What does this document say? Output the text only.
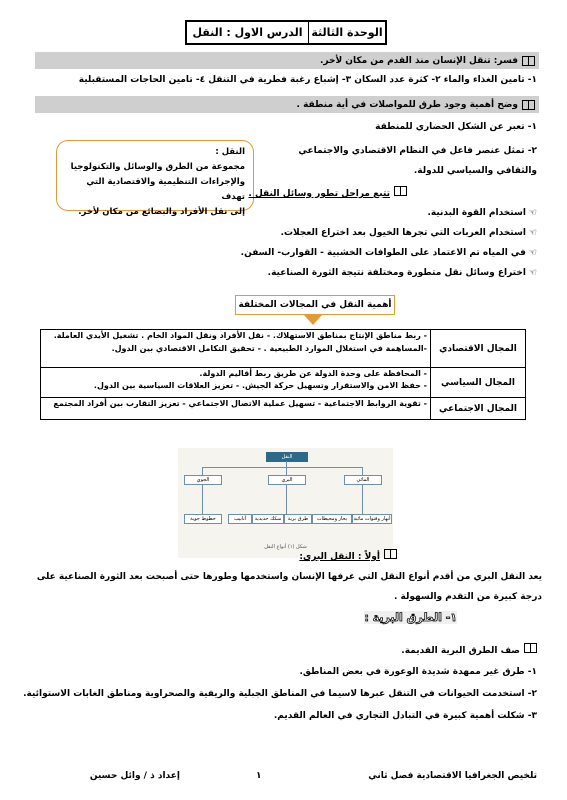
الوحدة الثالثة
الدرس الاول : النقل
فسر: تنقل الإنسان منذ القدم من مكان لأخر.
١- تامين الغذاء والماء ٢- كثرة عدد السكان ٣- إشباع رغبة فطرية في التنقل ٤- تامين الحاجات المستقبلية
وضح أهمية وجود طرق للمواصلات في أية منطقة .
١- تعبر عن الشكل الحضاري للمنطقة
٢- تمثل عنصر فاعل في النظام الاقتصادي والاجتماعي
والثقافي والسياسي للدولة.
النقل :
مجموعة من الطرق والوسائل والتكنولوجيا
والإجراءات التنظيمية والاقتصادية التي تهدف
إلى نقل الأفراد والبضائع من مكان لأخر.
تتبع مراحل تطور وسائل النقل .
☜استخدام القوة البدنية.
☜استخدام العربات التي تجرها الخيول بعد اختراع العجلات.
☜في المياه تم الاعتماد على الطوافات الخشبية - القوارب- السفن.
☜اختراع وسائل نقل متطورة ومختلفة نتيجة الثورة الصناعية.
أهمية النقل في المجالات المختلفة
المجال الاقتصادي	- ربط مناطق الإنتاج بمناطق الاستهلاك. - نقل الأفراد ونقل المواد الخام . تشغيل الأيدي العاملة.
-المساهمة في استغلال الموارد الطبيعية . - تحقيق التكامل الاقتصادي بين الدول.

المجال السياسي	- المحافظة على وحدة الدولة عن طريق ربط أقاليم الدولة.
- حفظ الامن والاستقرار وتسهيل حركة الجيش. - تعزيز العلاقات السياسية بين الدول.

المجال الاجتماعي	- تقوية الروابط الاجتماعية - تسهيل عملية الاتصال الاجتماعي - تعزيز التقارب بين أفراد المجتمع
النقل
المائي
البري
الجوي
أنهار وقنوات مائية
بحار ومحيطات
طرق برية
سكك حديدية
أنابيب
خطوط جوية
شكل (١) أنواع النقل
أولاً : النقل البري:
يعد النقل البري من أقدم أنواع النقل التي عرفها الإنسان واستخدمها وطورها حتى أصبحت بعد الثورة الصناعية على
درجة كبيرة من التقدم والسهولة .
١- الطرق البرية :
صف الطرق البرية القديمة.
١- طرق غير ممهدة شديدة الوعورة في بعض المناطق.
٢- استخدمت الحيوانات في التنقل عبرها لاسيما في المناطق الجبلية والريفية والصحراوية ومناطق الغابات الاستوائية.
٣- شكلت أهمية كبيرة في التبادل التجاري في العالم القديم.
تلخيص الجغرافيا الاقتصادية فصل ثاني
١
إعداد ذ / وائل حسين
